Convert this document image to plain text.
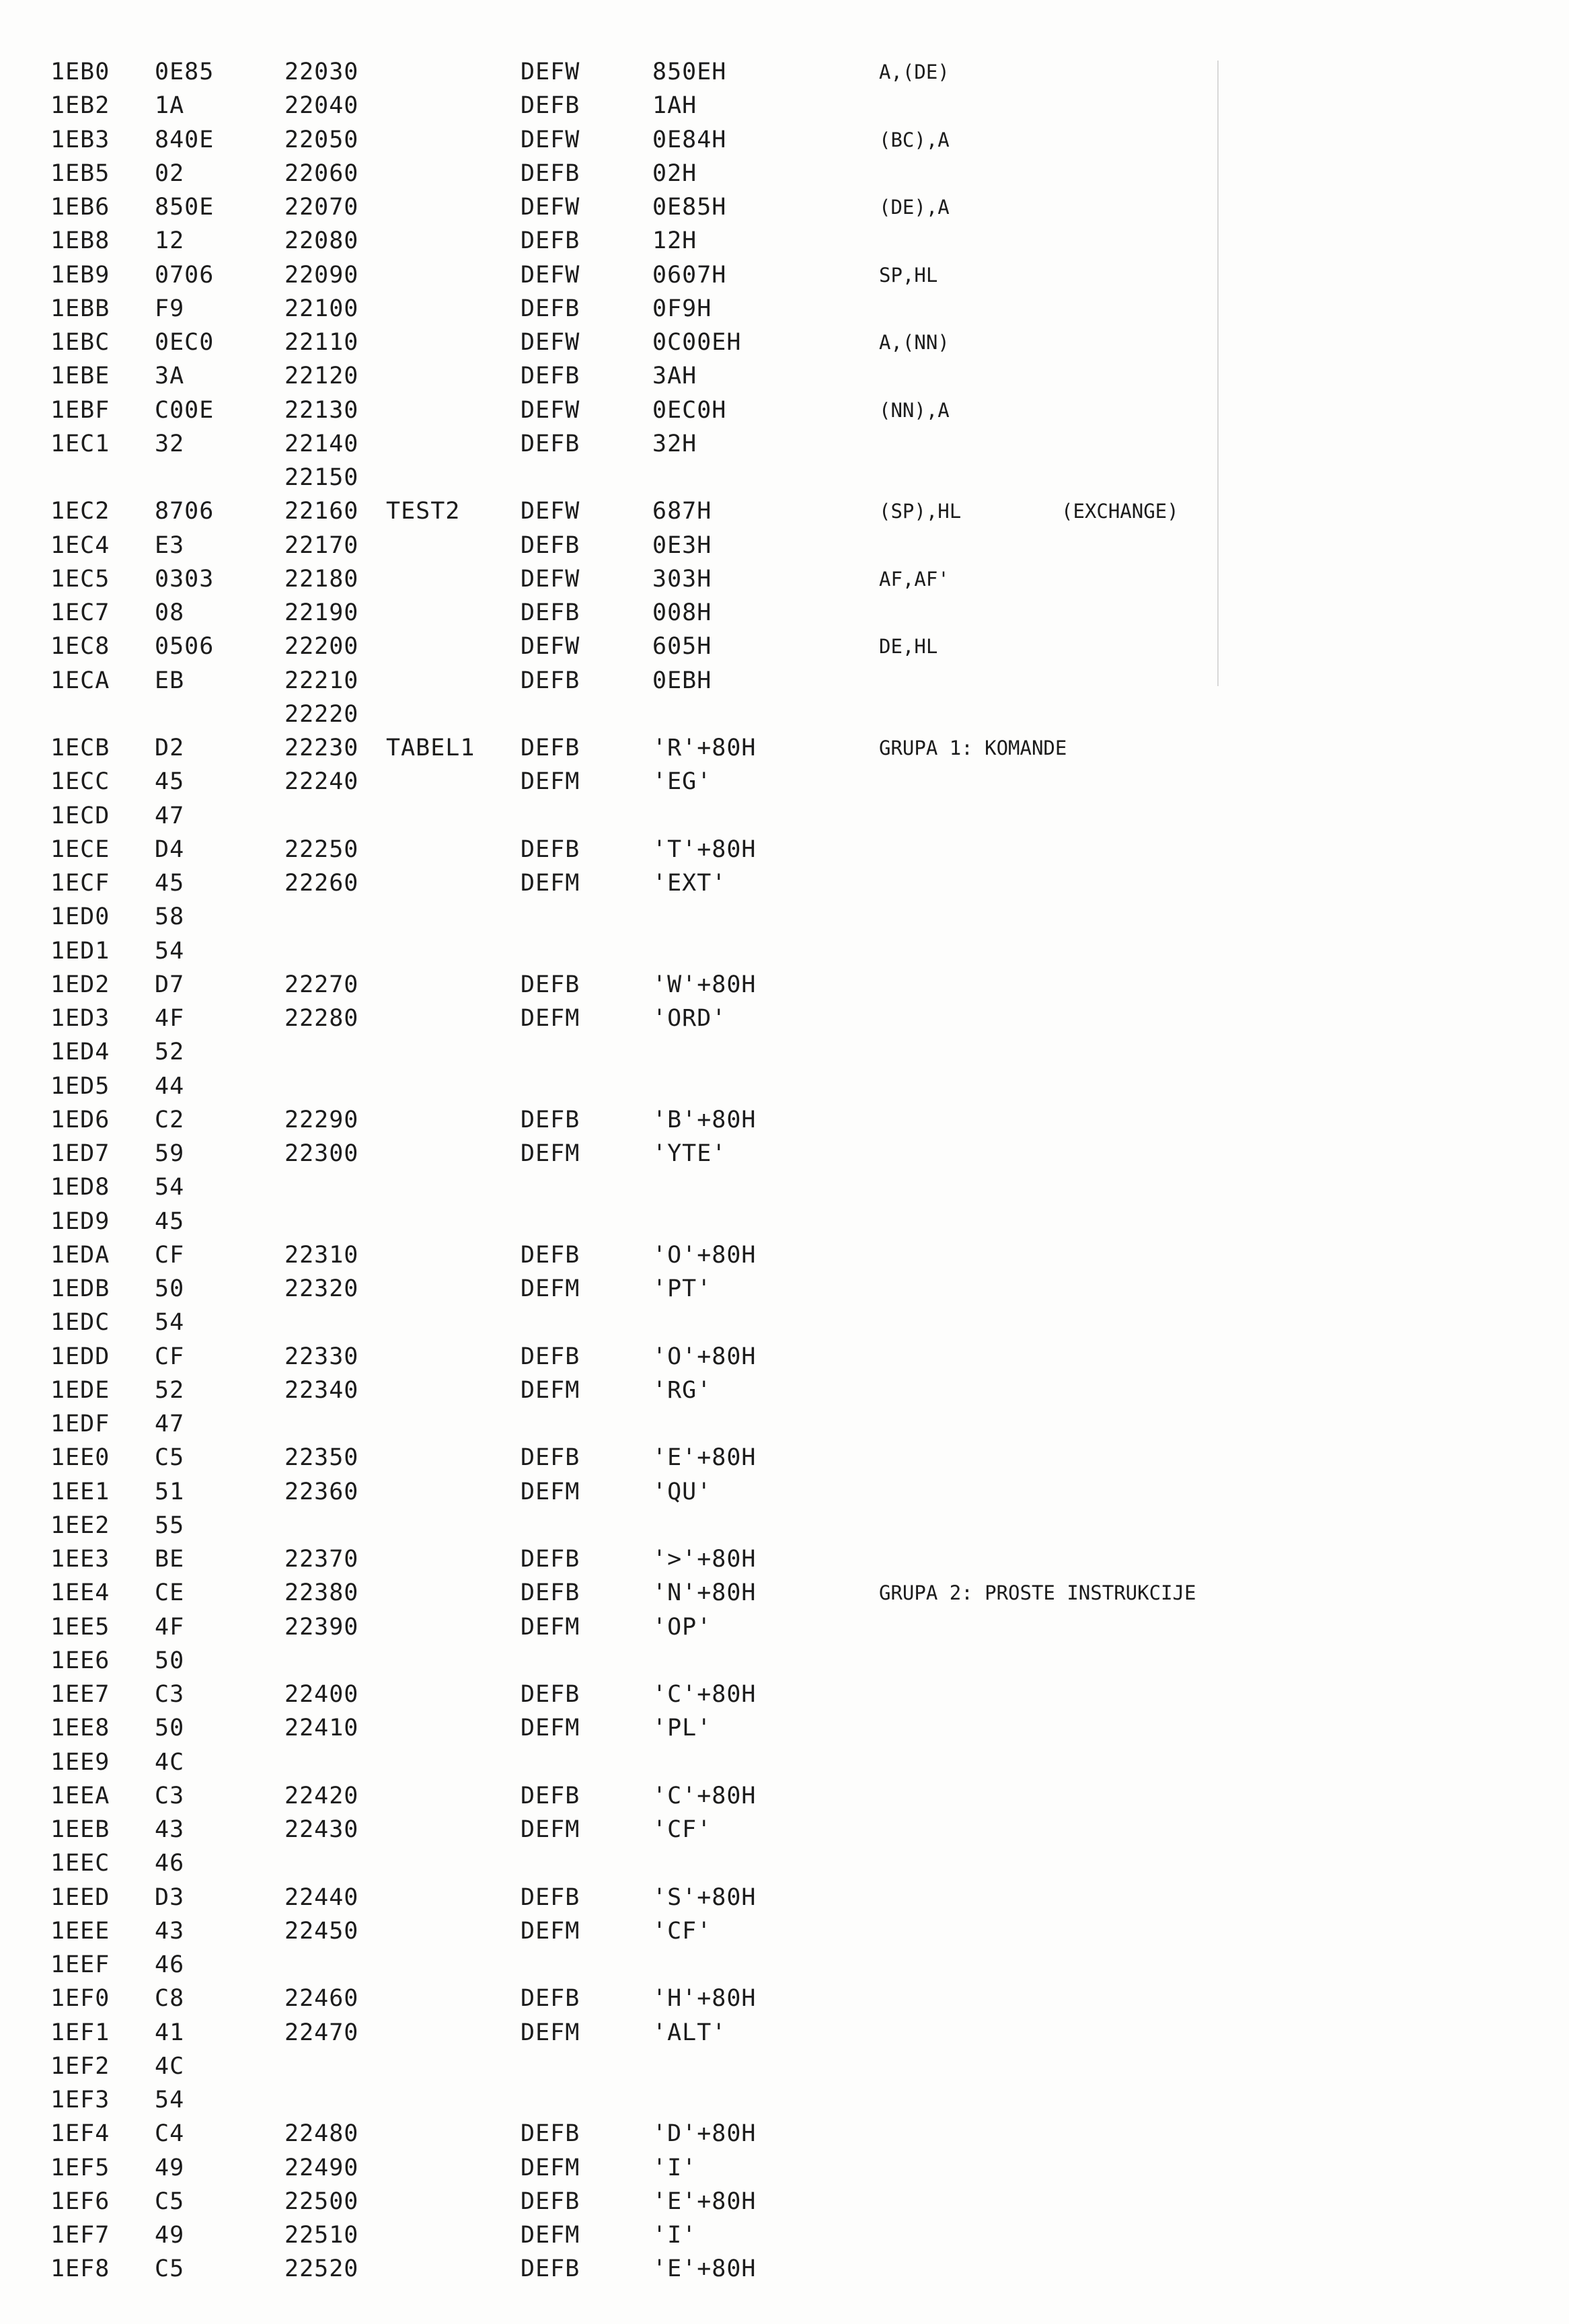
1EB0 0E85	22030	DEFW	850EH	A,(DE)
1EB2 1A	22040	DEFB	1AH
1EB3 840E	22050	DEFW	0E84H	(BC),A
1EB5 02	22060	DEFB	02H
1EB6 850E	22070	DEFW	0E85H	(DE),A
1EB8 12	22080	DEFB	12H
1EB9 0706	22090	DEFW	0607H	SP,HL
1EBB F9	22100	DEFB	0F9H
1EBC 0EC0	22110	DEFW	0C00EH	A,(NN)
1EBE 3A	22120	DEFB	3AH
1EBF C00E	22130	DEFW	0EC0H	(NN),A
1EC1 32	22140	DEFB	32H
22150
1EC2 8706	22160 TEST2	DEFW	687H	(SP),HL	(EXCHANGE)
1EC4 E3	22170	DEFB	0E3H
1EC5 0303	22180	DEFW	303H	AF,AF'
1EC7 08	22190	DEFB	008H
1EC8 0506	22200	DEFW	605H	DE,HL
1ECA EB	22210	DEFB	0EBH
22220
1ECB D2	22230 TABEL1 DEFB	'R'+80H	GRUPA 1: KOMANDE
1ECC 45	22240	DEFM	'EG'
1ECD 47
1ECE D4	22250	DEFB	'T'+80H
1ECF 45	22260	DEFM	'EXT'
1ED0 58
1ED1 54
1ED2 D7	22270	DEFB	'W'+80H
1ED3 4F	22280	DEFM	'ORD'
1ED4 52
1ED5 44
1ED6 C2	22290	DEFB	'B'+80H
1ED7 59	22300	DEFM	'YTE'
1ED8 54
1ED9 45
1EDA CF	22310	DEFB	'O'+80H
1EDB 50	22320	DEFM	'PT'
1EDC 54
1EDD CF	22330	DEFB	'O'+80H
1EDE 52	22340	DEFM	'RG'
1EDF 47
1EE0 C5	22350	DEFB	'E'+80H
1EE1 51	22360	DEFM	'QU'
1EE2 55
1EE3 BE	22370	DEFB	'>'+80H
1EE4 CE	22380	DEFB	'N'+80H	GRUPA 2: PROSTE INSTRUKCIJE
1EE5 4F	22390	DEFM	'OP'
1EE6 50
1EE7 C3	22400	DEFB	'C'+80H
1EE8 50	22410	DEFM	'PL'
1EE9 4C
1EEA C3	22420	DEFB	'C'+80H
1EEB 43	22430	DEFM	'CF'
1EEC 46
1EED D3	22440	DEFB	'S'+80H
1EEE 43	22450	DEFM	'CF'
1EEF 46
1EF0 C8	22460	DEFB	'H'+80H
1EF1 41	22470	DEFM	'ALT'
1EF2 4C
1EF3 54
1EF4 C4	22480	DEFB	'D'+80H
1EF5 49	22490	DEFM	'I'
1EF6 C5	22500	DEFB	'E'+80H
1EF7 49	22510	DEFM	'I'
1EF8 C5	22520	DEFB	'E'+80H
